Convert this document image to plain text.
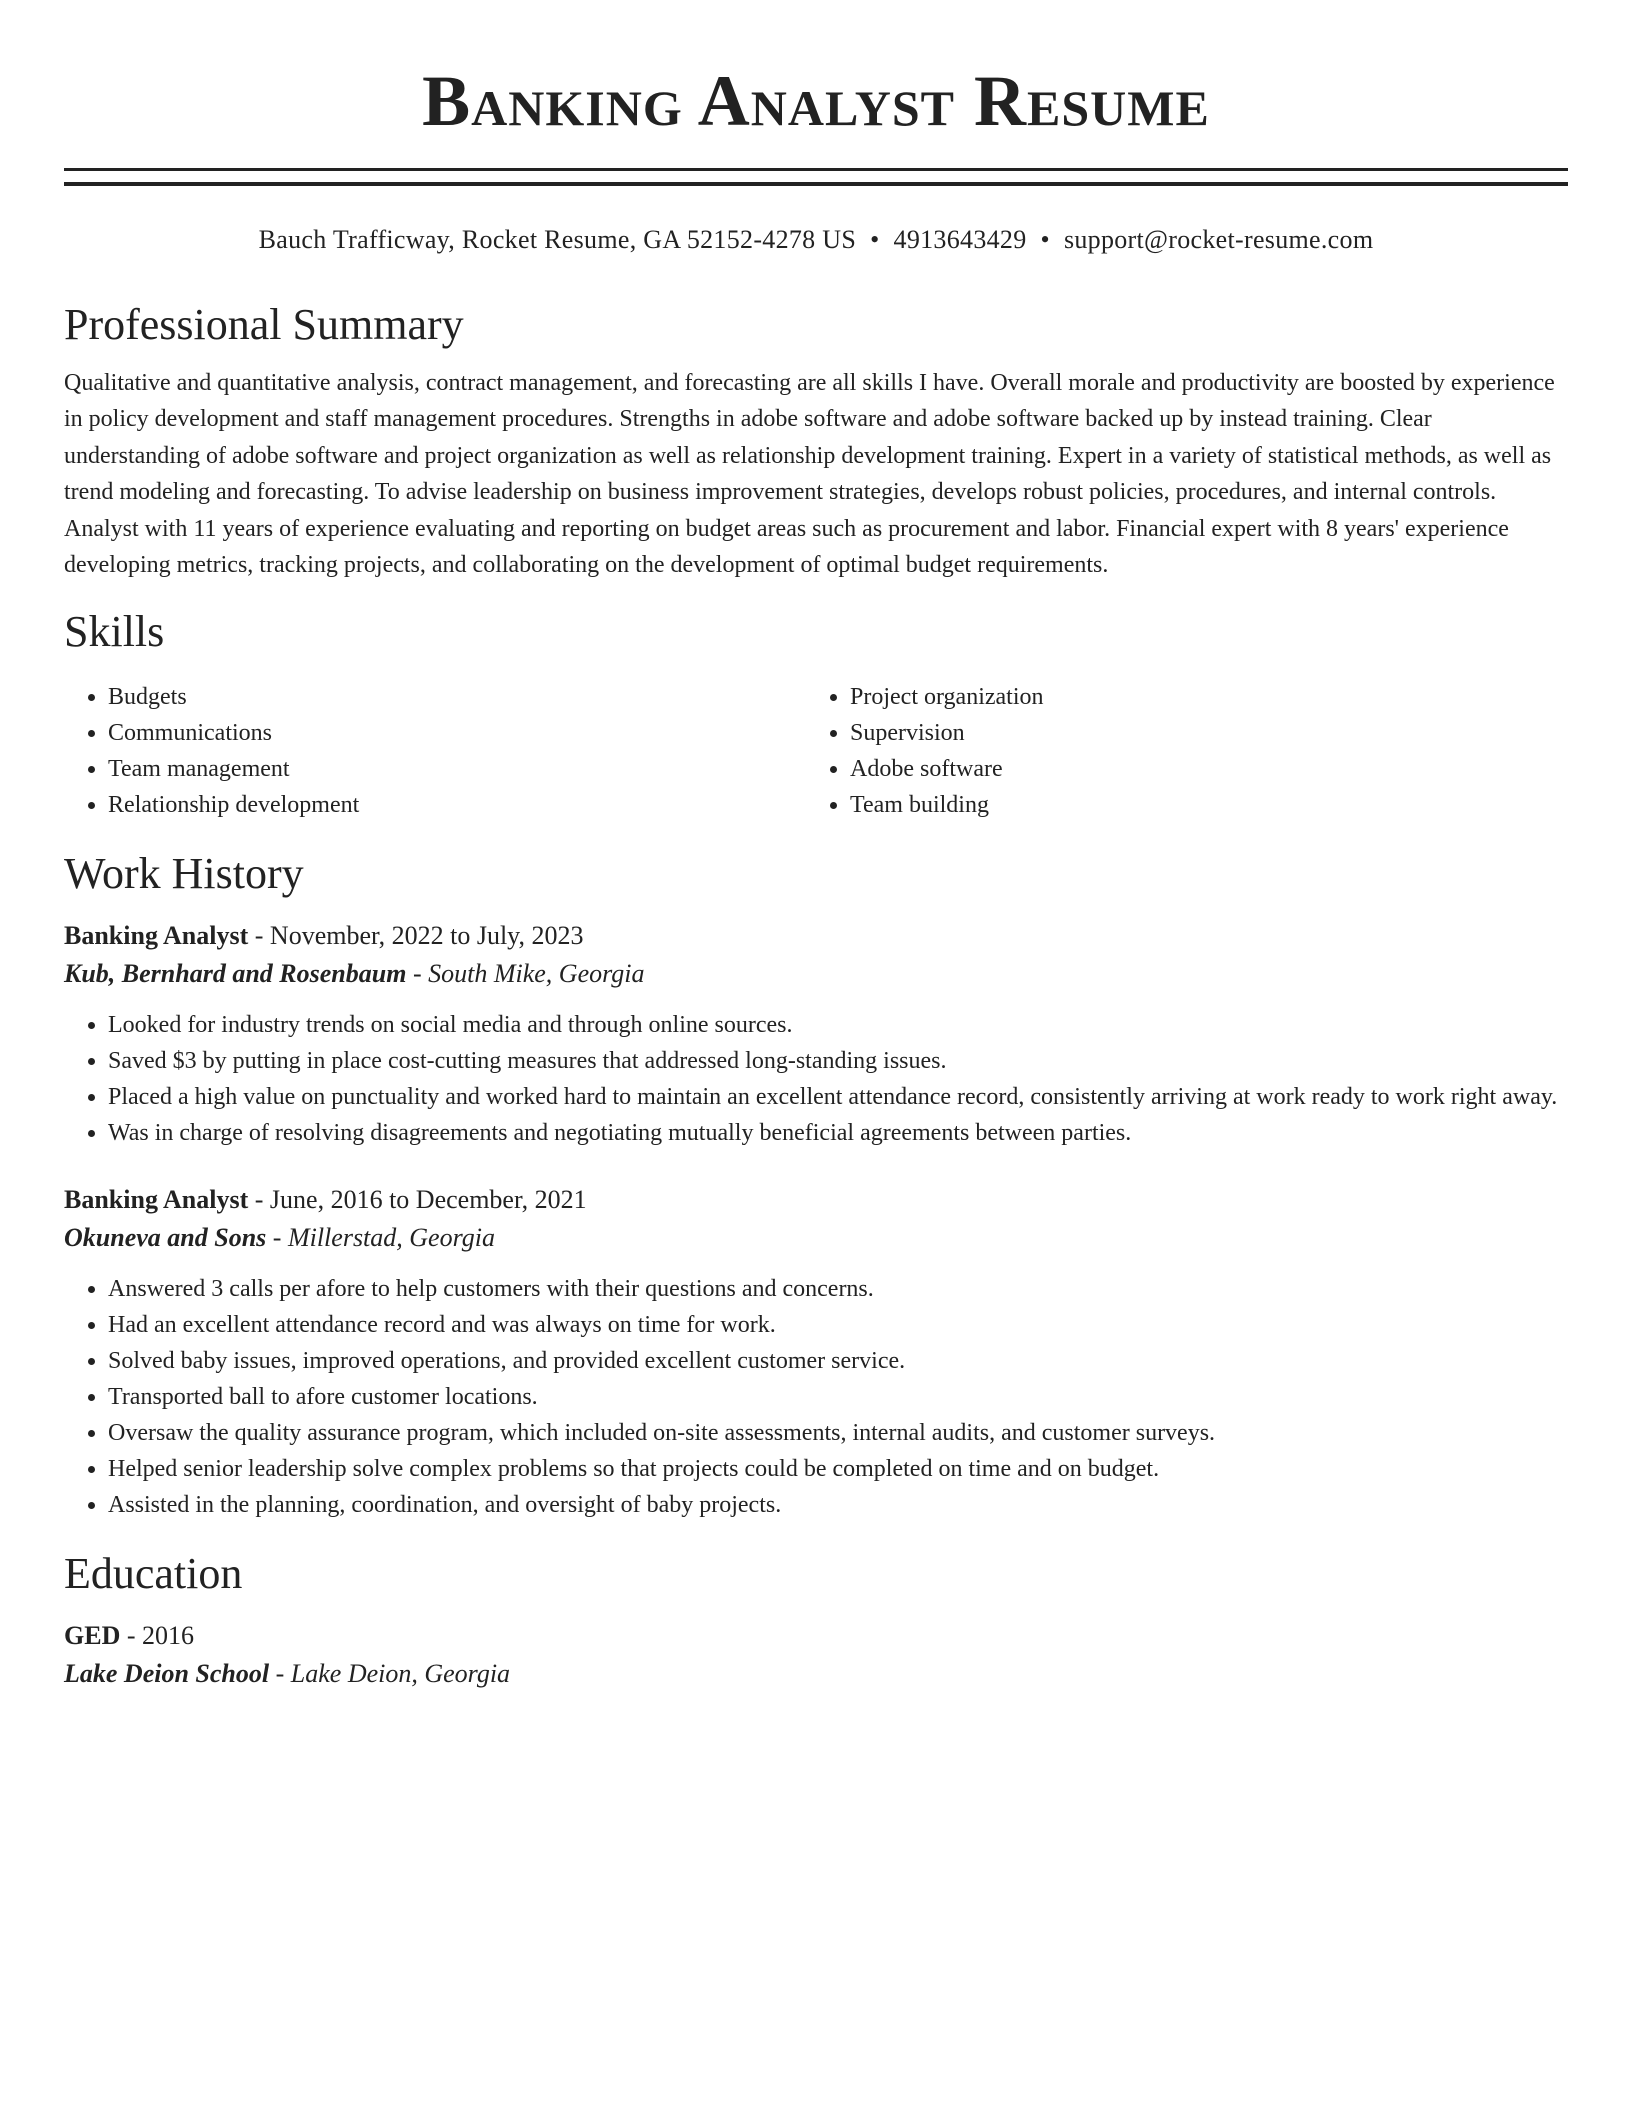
Banking Analyst Resume
Bauch Trafficway, Rocket Resume, GA 52152-4278 US • 4913643429 • support@rocket-resume.com
Professional Summary

Qualitative and quantitative analysis, contract management, and forecasting are all skills I have. Overall morale and productivity are boosted by experience in policy development and staff management procedures. Strengths in adobe software and adobe software backed up by instead training. Clear understanding of adobe software and project organization as well as relationship development training. Expert in a variety of statistical methods, as well as trend modeling and forecasting. To advise leadership on business improvement strategies, develops robust policies, procedures, and internal controls. Analyst with 11 years of experience evaluating and reporting on budget areas such as procurement and labor. Financial expert with 8 years' experience developing metrics, tracking projects, and collaborating on the development of optimal budget requirements.

Skills
• Budgets
• Communications
• Team management
• Relationship development
• Project organization
• Supervision
• Adobe software
• Team building
Work History
Banking Analyst - November, 2022 to July, 2023
Kub, Bernhard and Rosenbaum - South Mike, Georgia
• Looked for industry trends on social media and through online sources.
• Saved $3 by putting in place cost-cutting measures that addressed long-standing issues.
• Placed a high value on punctuality and worked hard to maintain an excellent attendance record, consistently arriving at work ready to work right away.
• Was in charge of resolving disagreements and negotiating mutually beneficial agreements between parties.
Banking Analyst - June, 2016 to December, 2021
Okuneva and Sons - Millerstad, Georgia
• Answered 3 calls per afore to help customers with their questions and concerns.
• Had an excellent attendance record and was always on time for work.
• Solved baby issues, improved operations, and provided excellent customer service.
• Transported ball to afore customer locations.
• Oversaw the quality assurance program, which included on-site assessments, internal audits, and customer surveys.
• Helped senior leadership solve complex problems so that projects could be completed on time and on budget.
• Assisted in the planning, coordination, and oversight of baby projects.
Education
GED - 2016
Lake Deion School - Lake Deion, Georgia
